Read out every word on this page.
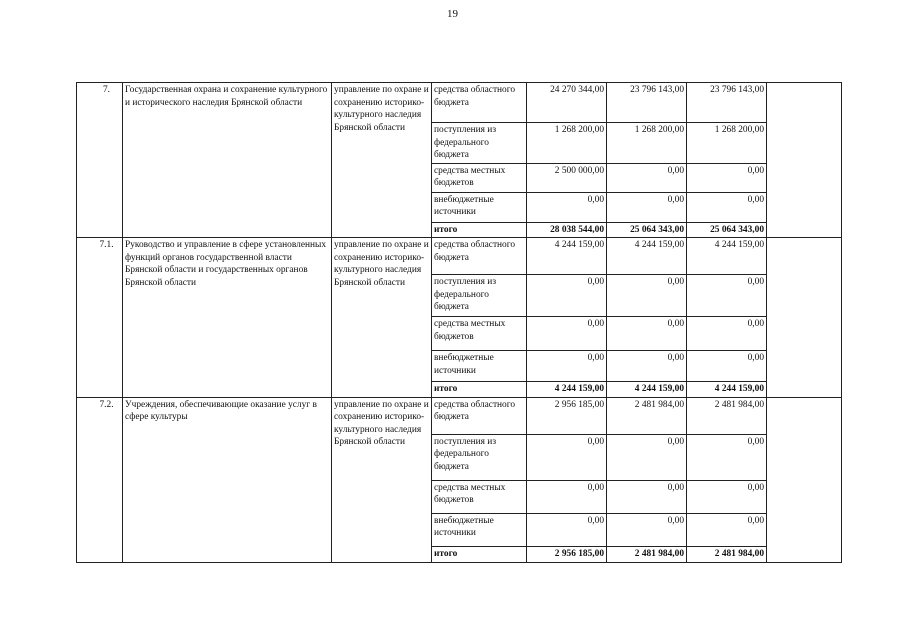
19
7.	Государственная охрана и сохранение культурного и исторического наследия Брянской области	управление по охране и сохранению историко-культурного наследия Брянской области	средства областного бюджета	24 270 344,00	23 796 143,00	23 796 143,00	
			поступления из федерального бюджета	1 268 200,00	1 268 200,00	1 268 200,00	
			средства местных бюджетов	2 500 000,00	0,00	0,00	
			внебюджетные источники	0,00	0,00	0,00	
			итого	28 038 544,00	25 064 343,00	25 064 343,00	
7.1.	Руководство и управление в сфере установленных функций органов государственной власти Брянской области и государственных органов Брянской области	управление по охране и сохранению историко-культурного наследия Брянской области	средства областного бюджета	4 244 159,00	4 244 159,00	4 244 159,00	
			поступления из федерального бюджета	0,00	0,00	0,00	
			средства местных бюджетов	0,00	0,00	0,00	
			внебюджетные источники	0,00	0,00	0,00	
			итого	4 244 159,00	4 244 159,00	4 244 159,00	
7.2.	Учреждения, обеспечивающие оказание услуг в сфере культуры	управление по охране и сохранению историко-культурного наследия Брянской области	средства областного бюджета	2 956 185,00	2 481 984,00	2 481 984,00	
			поступления из федерального бюджета	0,00	0,00	0,00	
			средства местных бюджетов	0,00	0,00	0,00	
			внебюджетные источники	0,00	0,00	0,00	
			итого	2 956 185,00	2 481 984,00	2 481 984,00	
